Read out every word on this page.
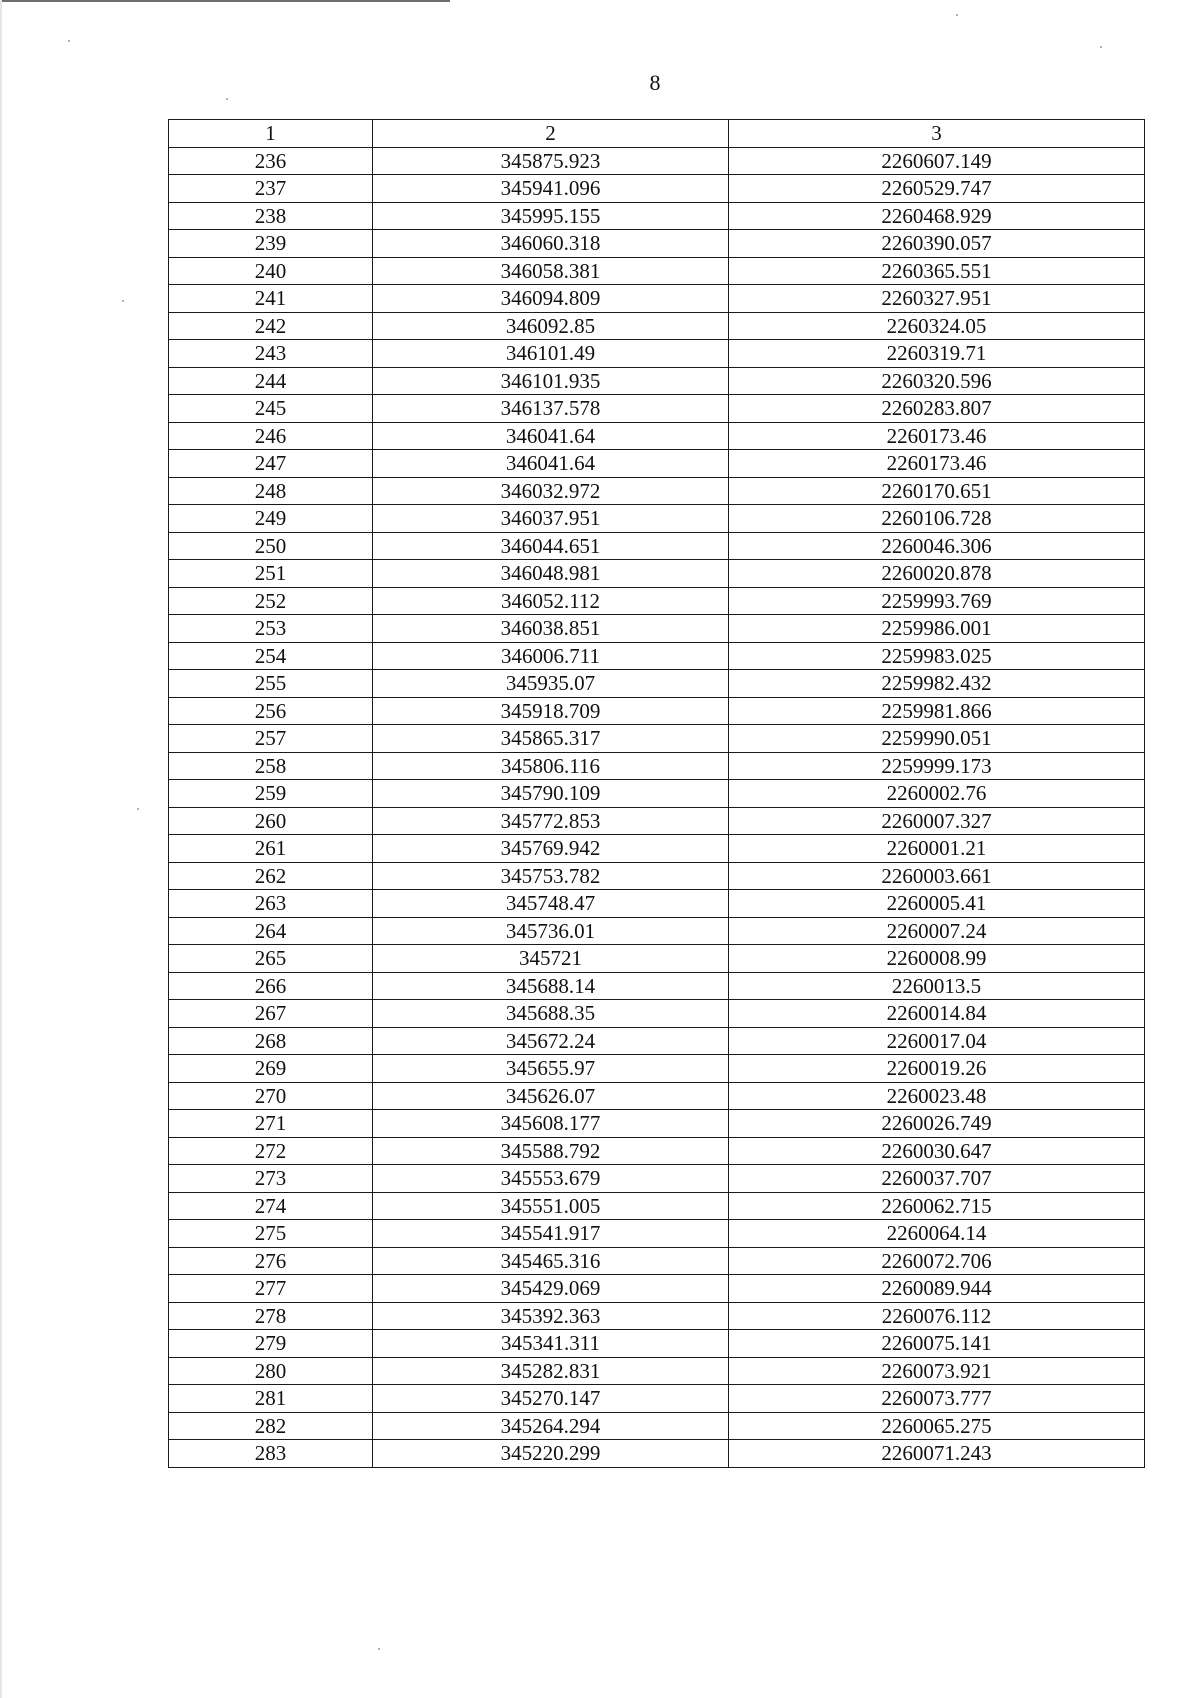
8
1	2	3
236	345875.923	2260607.149
237	345941.096	2260529.747
238	345995.155	2260468.929
239	346060.318	2260390.057
240	346058.381	2260365.551
241	346094.809	2260327.951
242	346092.85	2260324.05
243	346101.49	2260319.71
244	346101.935	2260320.596
245	346137.578	2260283.807
246	346041.64	2260173.46
247	346041.64	2260173.46
248	346032.972	2260170.651
249	346037.951	2260106.728
250	346044.651	2260046.306
251	346048.981	2260020.878
252	346052.112	2259993.769
253	346038.851	2259986.001
254	346006.711	2259983.025
255	345935.07	2259982.432
256	345918.709	2259981.866
257	345865.317	2259990.051
258	345806.116	2259999.173
259	345790.109	2260002.76
260	345772.853	2260007.327
261	345769.942	2260001.21
262	345753.782	2260003.661
263	345748.47	2260005.41
264	345736.01	2260007.24
265	345721	2260008.99
266	345688.14	2260013.5
267	345688.35	2260014.84
268	345672.24	2260017.04
269	345655.97	2260019.26
270	345626.07	2260023.48
271	345608.177	2260026.749
272	345588.792	2260030.647
273	345553.679	2260037.707
274	345551.005	2260062.715
275	345541.917	2260064.14
276	345465.316	2260072.706
277	345429.069	2260089.944
278	345392.363	2260076.112
279	345341.311	2260075.141
280	345282.831	2260073.921
281	345270.147	2260073.777
282	345264.294	2260065.275
283	345220.299	2260071.243
